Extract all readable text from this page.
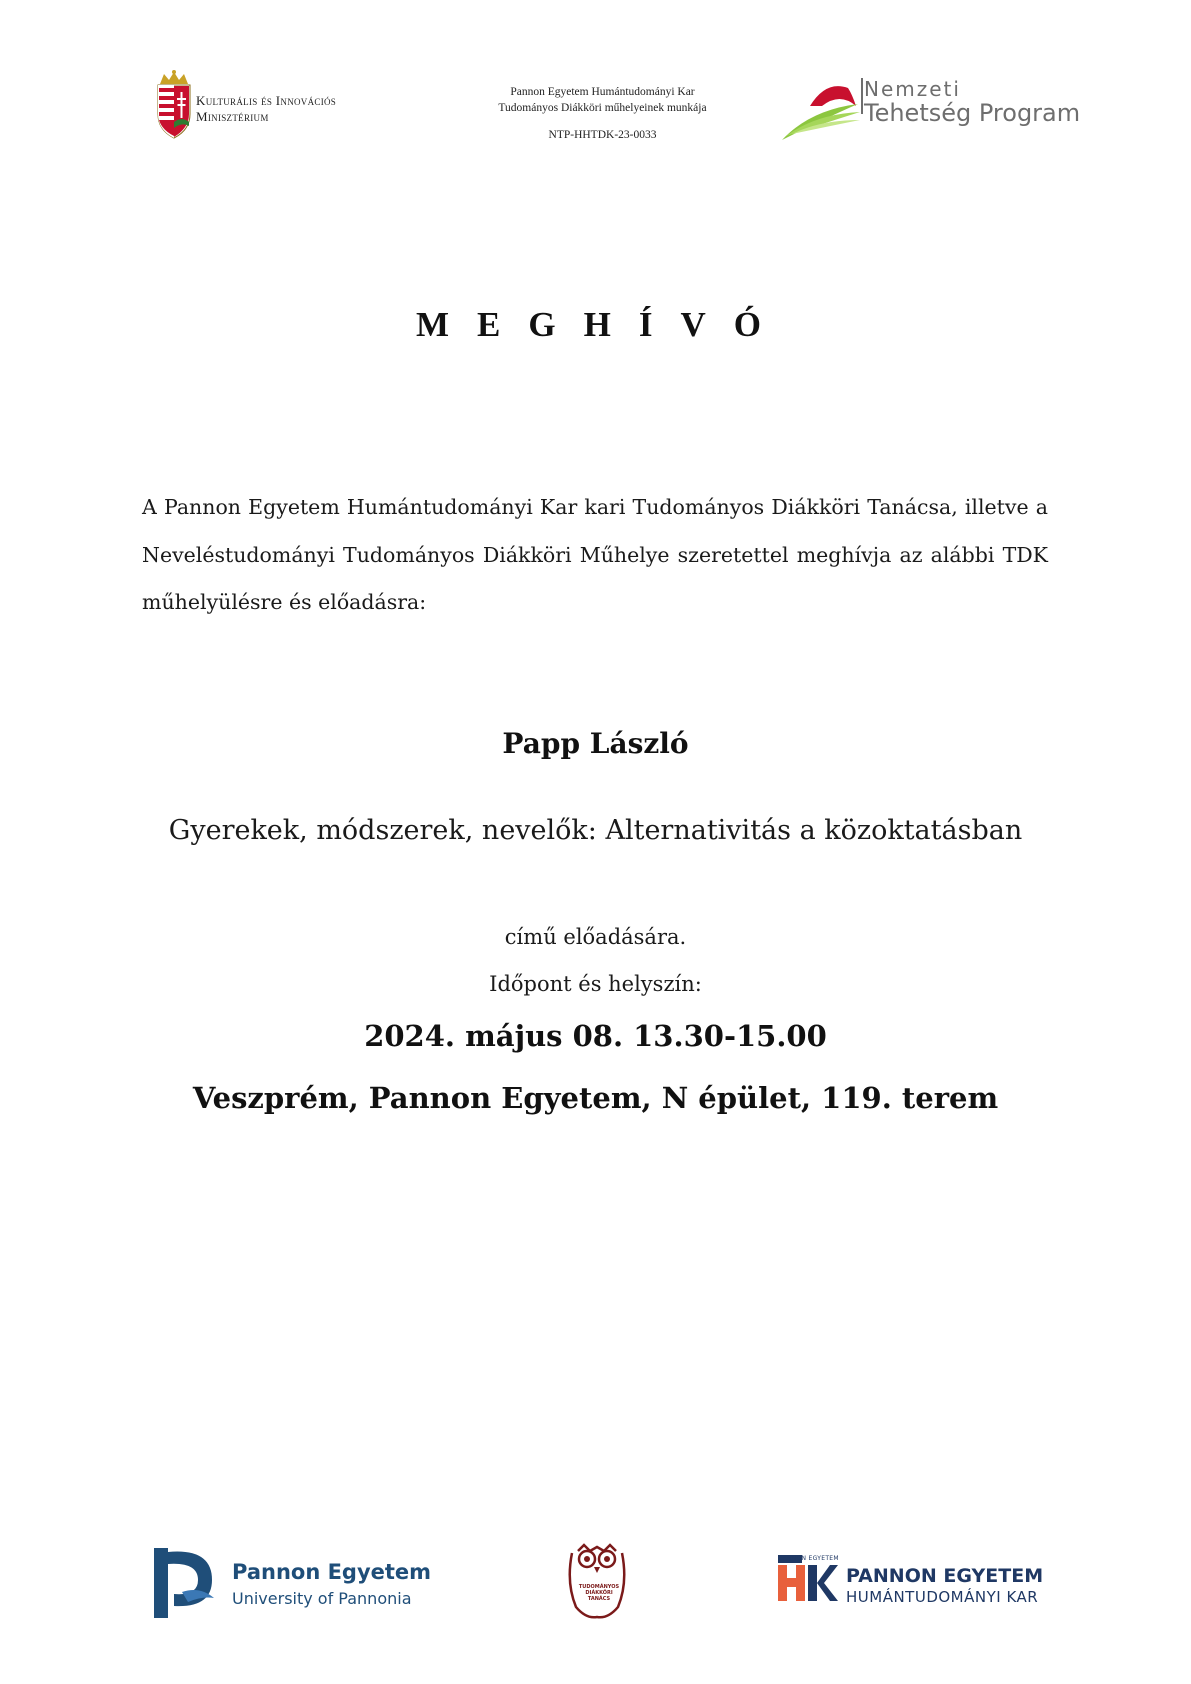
Kulturális és Innovációs
Minisztérium
Pannon Egyetem Humántudományi Kar
Tudományos Diákköri műhelyeinek munkája
NTP-HHTDK-23-0033
Nemzeti
Tehetség Program
MEGHÍVÓ
A Pannon Egyetem Humántudományi Kar kari Tudományos Diákköri Tanácsa, illetve a Neveléstudományi Tudományos Diákköri Műhelye szeretettel meghívja az alábbi TDK műhelyülésre és előadásra:
Papp László
Gyerekek, módszerek, nevelők: Alternativitás a közoktatásban
című előadására.
Időpont és helyszín:
2024. május 08. 13.30-15.00
Veszprém, Pannon Egyetem, N épület, 119. terem
Pannon Egyetem
University of Pannonia
TUDOMÁNYOS
DIÁKKÖRI
TANÁCS
PANNON EGYETEM
PANNON EGYETEM
HUMÁNTUDOMÁNYI KAR
